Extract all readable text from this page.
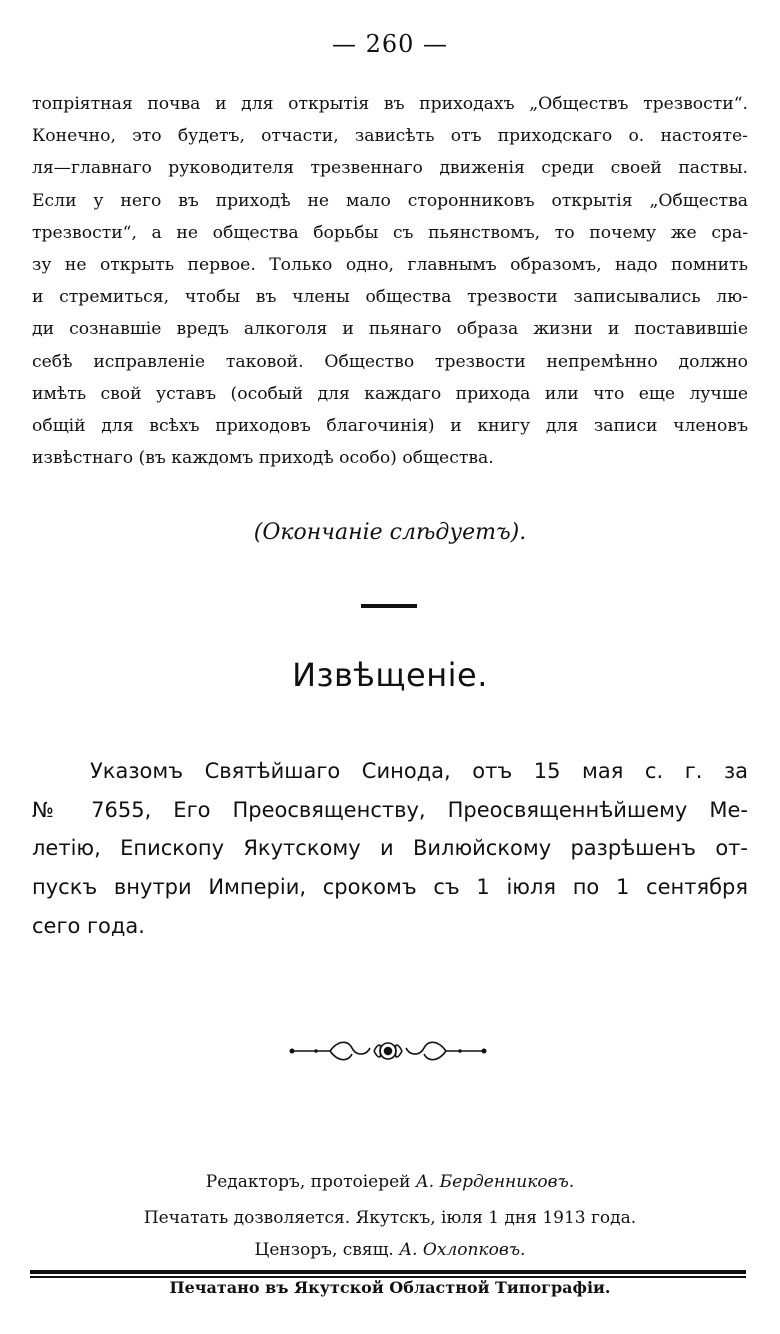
— 260 —
топріятная почва и для открытія въ приходахъ „Обществъ трезвости“.
Конечно, это будетъ, отчасти, зависѣть отъ приходскаго о. настоятe-
ля—главнаго руководителя трезвеннаго движенія среди своей паствы.
Если у него въ приходѣ не мало сторонниковъ открытія „Общества
трезвости“, а не общества борьбы съ пьянствомъ, то почему же сра-
зу не открыть первое. Только одно, главнымъ образомъ, надо помнить
и стремиться, чтобы въ члены общества трезвости записывались лю-
ди сознавшіе вредъ алкоголя и пьянаго образа жизни и поставившіе
себѣ исправленіе таковой. Общество трезвости непремѣнно должно
имѣть свой уставъ (особый для каждаго прихода или что еще лучше
общій для всѣхъ приходовъ благочинія) и книгу для записи членовъ
извѣстнаго (въ каждомъ приходѣ особо) общества.
(Окончаніе слѣдуетъ).
Извѣщеніе.
Указомъ Святѣйшаго Синода, отъ 15 мая с. г. за
№ 7655, Его Преосвященству, Преосвященнѣйшему Ме-
летію, Епископу Якутскому и Вилюйскому разрѣшенъ от-
пускъ внутри Имперіи, срокомъ съ 1 іюля по 1 сентября
сего года.
Редакторъ, протоіерей А. Берденниковъ.
Печатать дозволяется. Якутскъ, іюля 1 дня 1913 года.
Цензоръ, свящ. А. Охлопковъ.
Печатано въ Якутской Областной Типографіи.
